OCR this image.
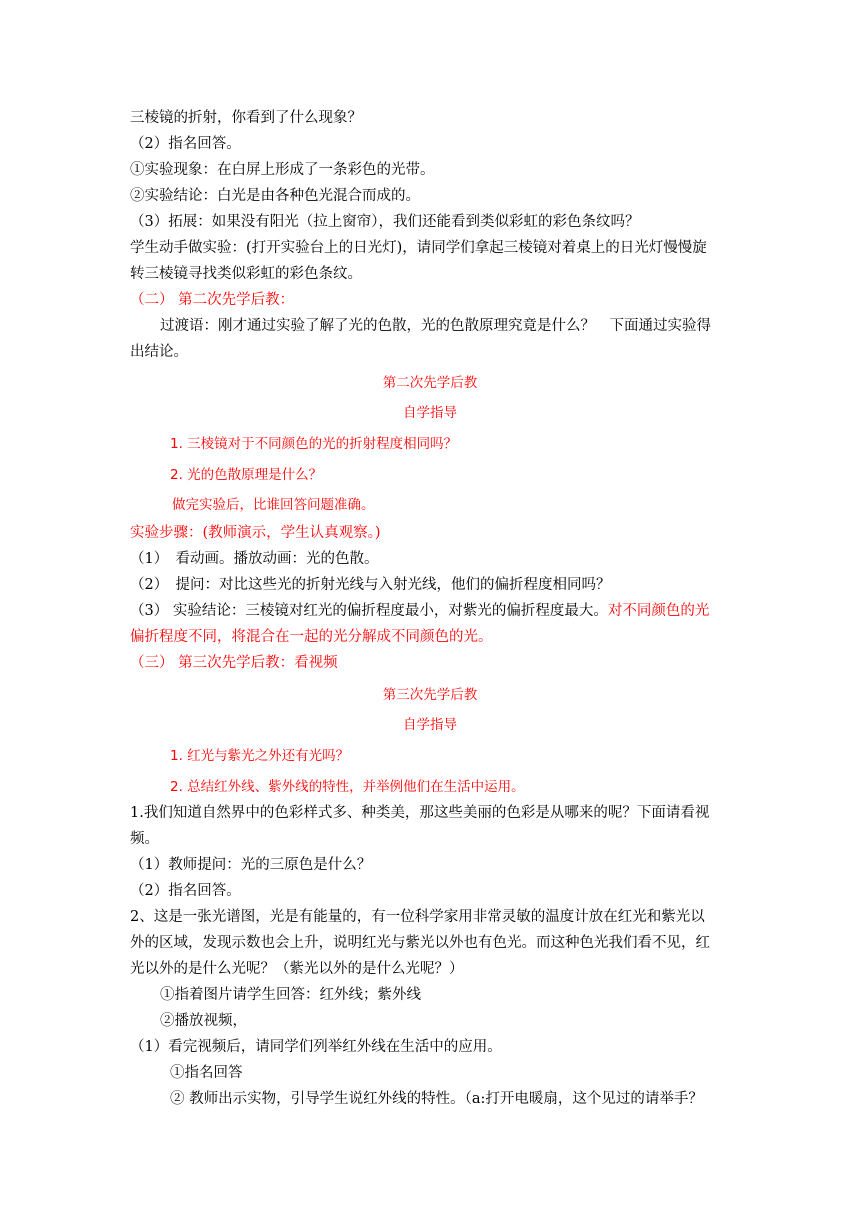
三棱镜的折射，你看到了什么现象？
（2）指名回答。
①实验现象：在白屏上形成了一条彩色的光带。
②实验结论：白光是由各种色光混合而成的。
（3）拓展：如果没有阳光（拉上窗帘），我们还能看到类似彩虹的彩色条纹吗？
学生动手做实验：(打开实验台上的日光灯)，请同学们拿起三棱镜对着桌上的日光灯慢慢旋
转三棱镜寻找类似彩虹的彩色条纹。
（二） 第二次先学后教：
过渡语：刚才通过实验了解了光的色散，光的色散原理究竟是什么？　下面通过实验得
出结论。
第二次先学后教
自学指导
1. 三棱镜对于不同颜色的光的折射程度相同吗？
2. 光的色散原理是什么？
做完实验后，比谁回答问题准确。
实验步骤：(教师演示，学生认真观察。)
（1）　看动画。播放动画：光的色散。
（2）　提问：对比这些光的折射光线与入射光线，他们的偏折程度相同吗？
（3） 实验结论：三棱镜对红光的偏折程度最小，对紫光的偏折程度最大。对不同颜色的光
偏折程度不同，将混合在一起的光分解成不同颜色的光。
（三） 第三次先学后教：看视频
第三次先学后教
自学指导
1. 红光与紫光之外还有光吗？
2. 总结红外线、紫外线的特性，并举例他们在生活中运用。
1.我们知道自然界中的色彩样式多、种类美，那这些美丽的色彩是从哪来的呢？下面请看视
频。
（1）教师提问：光的三原色是什么？
（2）指名回答。
2、这是一张光谱图，光是有能量的，有一位科学家用非常灵敏的温度计放在红光和紫光以
外的区域，发现示数也会上升，说明红光与紫光以外也有色光。而这种色光我们看不见，红
光以外的是什么光呢？（紫光以外的是什么光呢？）
①指着图片请学生回答：红外线；紫外线
②播放视频，
（1）看完视频后，请同学们列举红外线在生活中的应用。
①指名回答
② 教师出示实物，引导学生说红外线的特性。（a:打开电暖扇，这个见过的请举手？
